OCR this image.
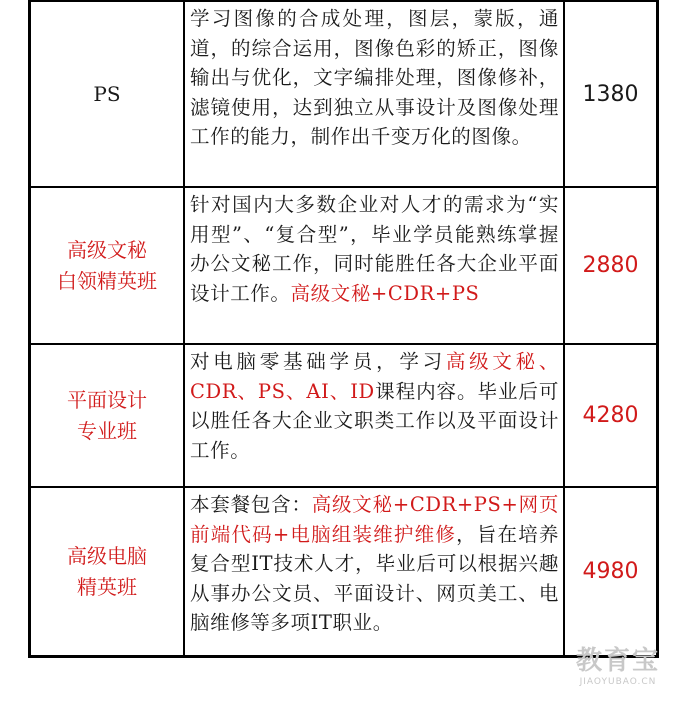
PS
学习图像的合成处理，图层，蒙版，通道，的综合运用，图像色彩的矫正，图像输出与优化，文字编排处理，图像修补，滤镜使用，达到独立从事设计及图像处理工作的能力，制作出千变万化的图像。
1380
高级文秘
白领精英班
针对国内大多数企业对人才的需求为“实用型”、“复合型”，毕业学员能熟练掌握办公文秘工作，同时能胜任各大企业平面设计工作。高级文秘+CDR+PS
2880
平面设计
专业班
对电脑零基础学员，学习高级文秘、CDR、PS、AI、ID课程内容。毕业后可以胜任各大企业文职类工作以及平面设计工作。
4280
高级电脑
精英班
本套餐包含：高级文秘+CDR+PS+网页前端代码+电脑组装维护维修，旨在培养复合型IT技术人才，毕业后可以根据兴趣从事办公文员、平面设计、网页美工、电脑维修等多项IT职业。
4980
教育宝
JIAOYUBAO.CN
